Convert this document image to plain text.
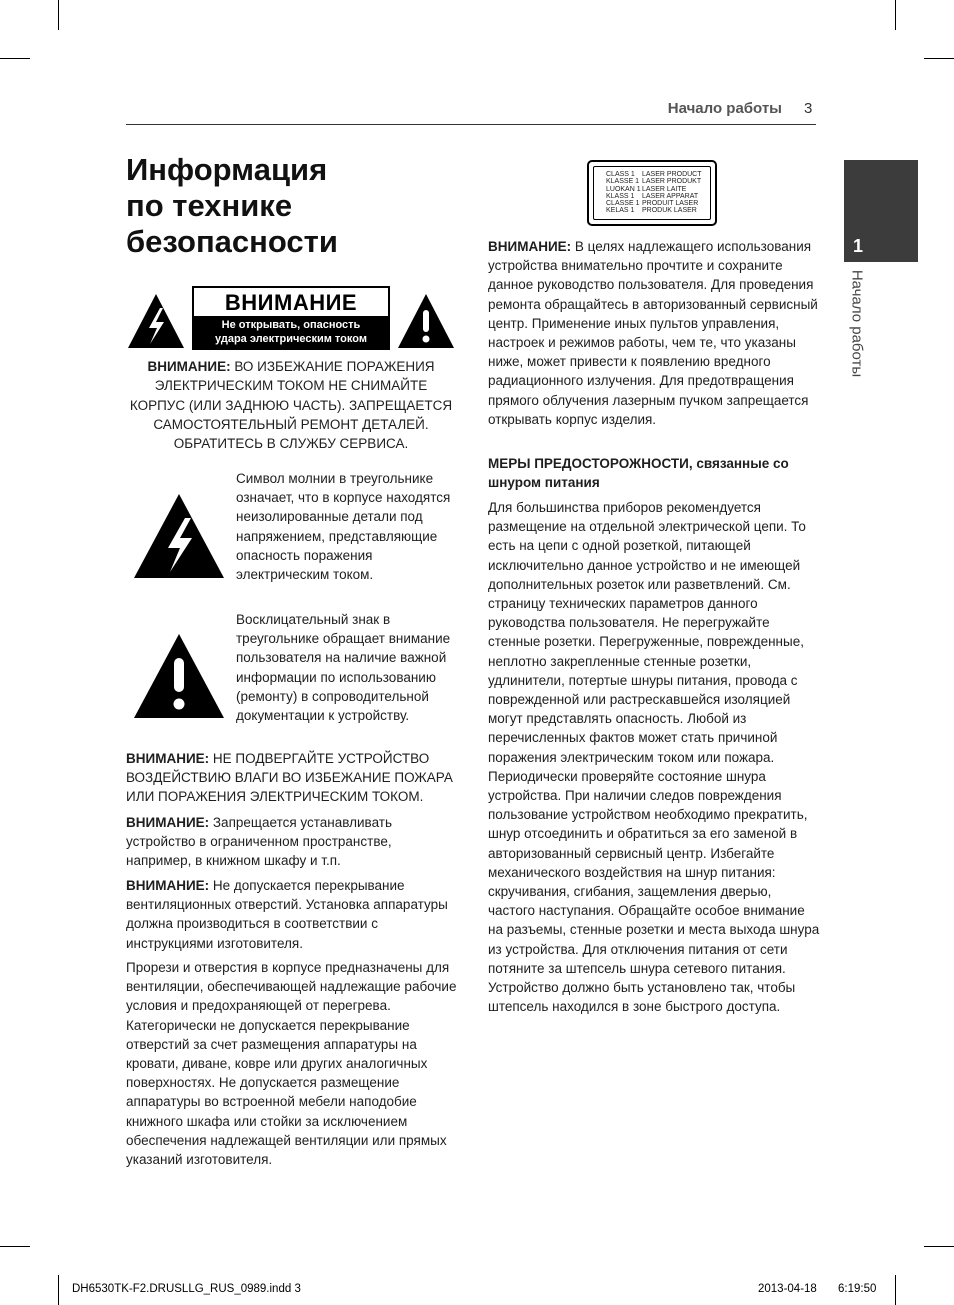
Начало работы 3
Информация
по технике
безопасности
ВНИМАНИЕ
Не открывать, опасность
удара электрическим током
ВНИМАНИЕ: ВО ИЗБЕЖАНИЕ ПОРАЖЕНИЯ ЭЛЕКТРИЧЕСКИМ ТОКОМ НЕ СНИМАЙТЕ КОРПУС (ИЛИ ЗАДНЮЮ ЧАСТЬ). ЗАПРЕЩАЕТСЯ САМОСТОЯТЕЛЬНЫЙ РЕМОНТ ДЕТАЛЕЙ. ОБРАТИТЕСЬ В СЛУЖБУ СЕРВИСА.
Символ молнии в треугольнике означает, что в корпусе находятся неизолированные детали под напряжением, представляющие опасность поражения электрическим током.
Восклицательный знак в треугольнике обращает внимание пользователя на наличие важной информации по использованию (ремонту) в сопроводительной документации к устройству.
ВНИМАНИЕ: НЕ ПОДВЕРГАЙТЕ УСТРОЙСТВО ВОЗДЕЙСТВИЮ ВЛАГИ ВО ИЗБЕЖАНИЕ ПОЖАРА ИЛИ ПОРАЖЕНИЯ ЭЛЕКТРИЧЕСКИМ ТОКОМ.
ВНИМАНИЕ: Запрещается устанавливать устройство в ограниченном пространстве, например, в книжном шкафу и т.п.
ВНИМАНИЕ: Не допускается перекрывание вентиляционных отверстий. Установка аппаратуры должна производиться в соответствии с инструкциями изготовителя.
Прорези и отверстия в корпусе предназначены для вентиляции, обеспечивающей надлежащие рабочие условия и предохраняющей от перегрева. Категорически не допускается перекрывание отверстий за счет размещения аппаратуры на кровати, диване, ковре или других аналогичных поверхностях. Не допускается размещение аппаратуры во встроенной мебели наподобие книжного шкафа или стойки за исключением обеспечения надлежащей вентиляции или прямых указаний изготовителя.
CLASS 1 LASER PRODUCT
KLASSE 1 LASER PRODUKT
LUOKAN 1LASER LAITE
KLASS 1 LASER APPARAT
CLASSE 1 PRODUIT LASER
KELAS 1 PRODUK LASER
ВНИМАНИЕ: В целях надлежащего использования устройства внимательно прочтите и сохраните данное руководство пользователя. Для проведения ремонта обращайтесь в авторизованный сервисный центр. Применение иных пультов управления, настроек и режимов работы, чем те, что указаны ниже, может привести к появлению вредного радиационного излучения. Для предотвращения прямого облучения лазерным пучком запрещается открывать корпус изделия.
МЕРЫ ПРЕДОСТОРОЖНОСТИ, связанные со шнуром питания
Для большинства приборов рекомендуется размещение на отдельной электрической цепи. То есть на цепи с одной розеткой, питающей исключительно данное устройство и не имеющей дополнительных розеток или разветвлений. См. страницу технических параметров данного руководства пользователя. Не перегружайте стенные розетки. Перегруженные, поврежденные, неплотно закрепленные стенные розетки, удлинители, потертые шнуры питания, провода с поврежденной или растрескавшейся изоляцией могут представлять опасность. Любой из перечисленных фактов может стать причиной поражения электрическим током или пожара. Периодически проверяйте состояние шнура устройства. При наличии следов повреждения пользование устройством необходимо прекратить, шнур отсоединить и обратиться за его заменой в авторизованный сервисный центр. Избегайте механического воздействия на шнур питания: скручивания, сгибания, защемления дверью, частого наступания. Обращайте особое внимание на разъемы, стенные розетки и места выхода шнура из устройства. Для отключения питания от сети потяните за штепсель шнура сетевого питания. Устройство должно быть установлено так, чтобы штепсель находился в зоне быстрого доступа.
1
Начало работы
DH6530TK-F2.DRUSLLG_RUS_0989.indd 3	2013-04-18 6:19:50
